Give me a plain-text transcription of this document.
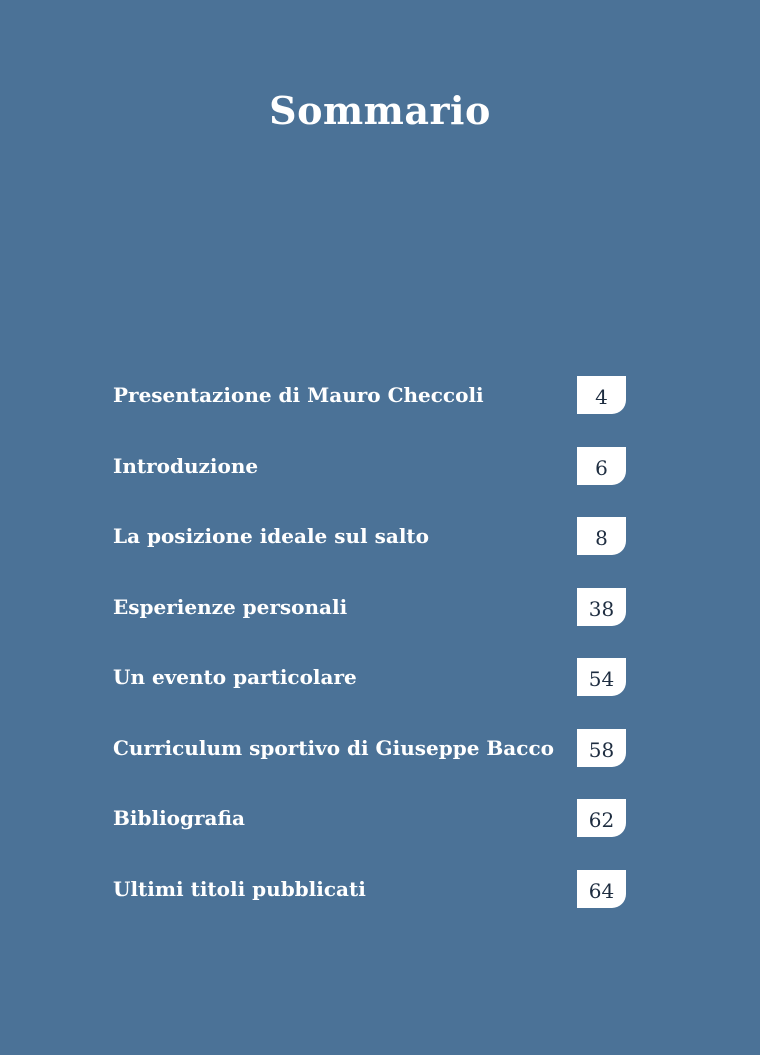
Sommario
Presentazione di Mauro Checcoli	4
Introduzione	6
La posizione ideale sul salto	8
Esperienze personali	38
Un evento particolare	54
Curriculum sportivo di Giuseppe Bacco	58
Bibliografia	62
Ultimi titoli pubblicati	64
